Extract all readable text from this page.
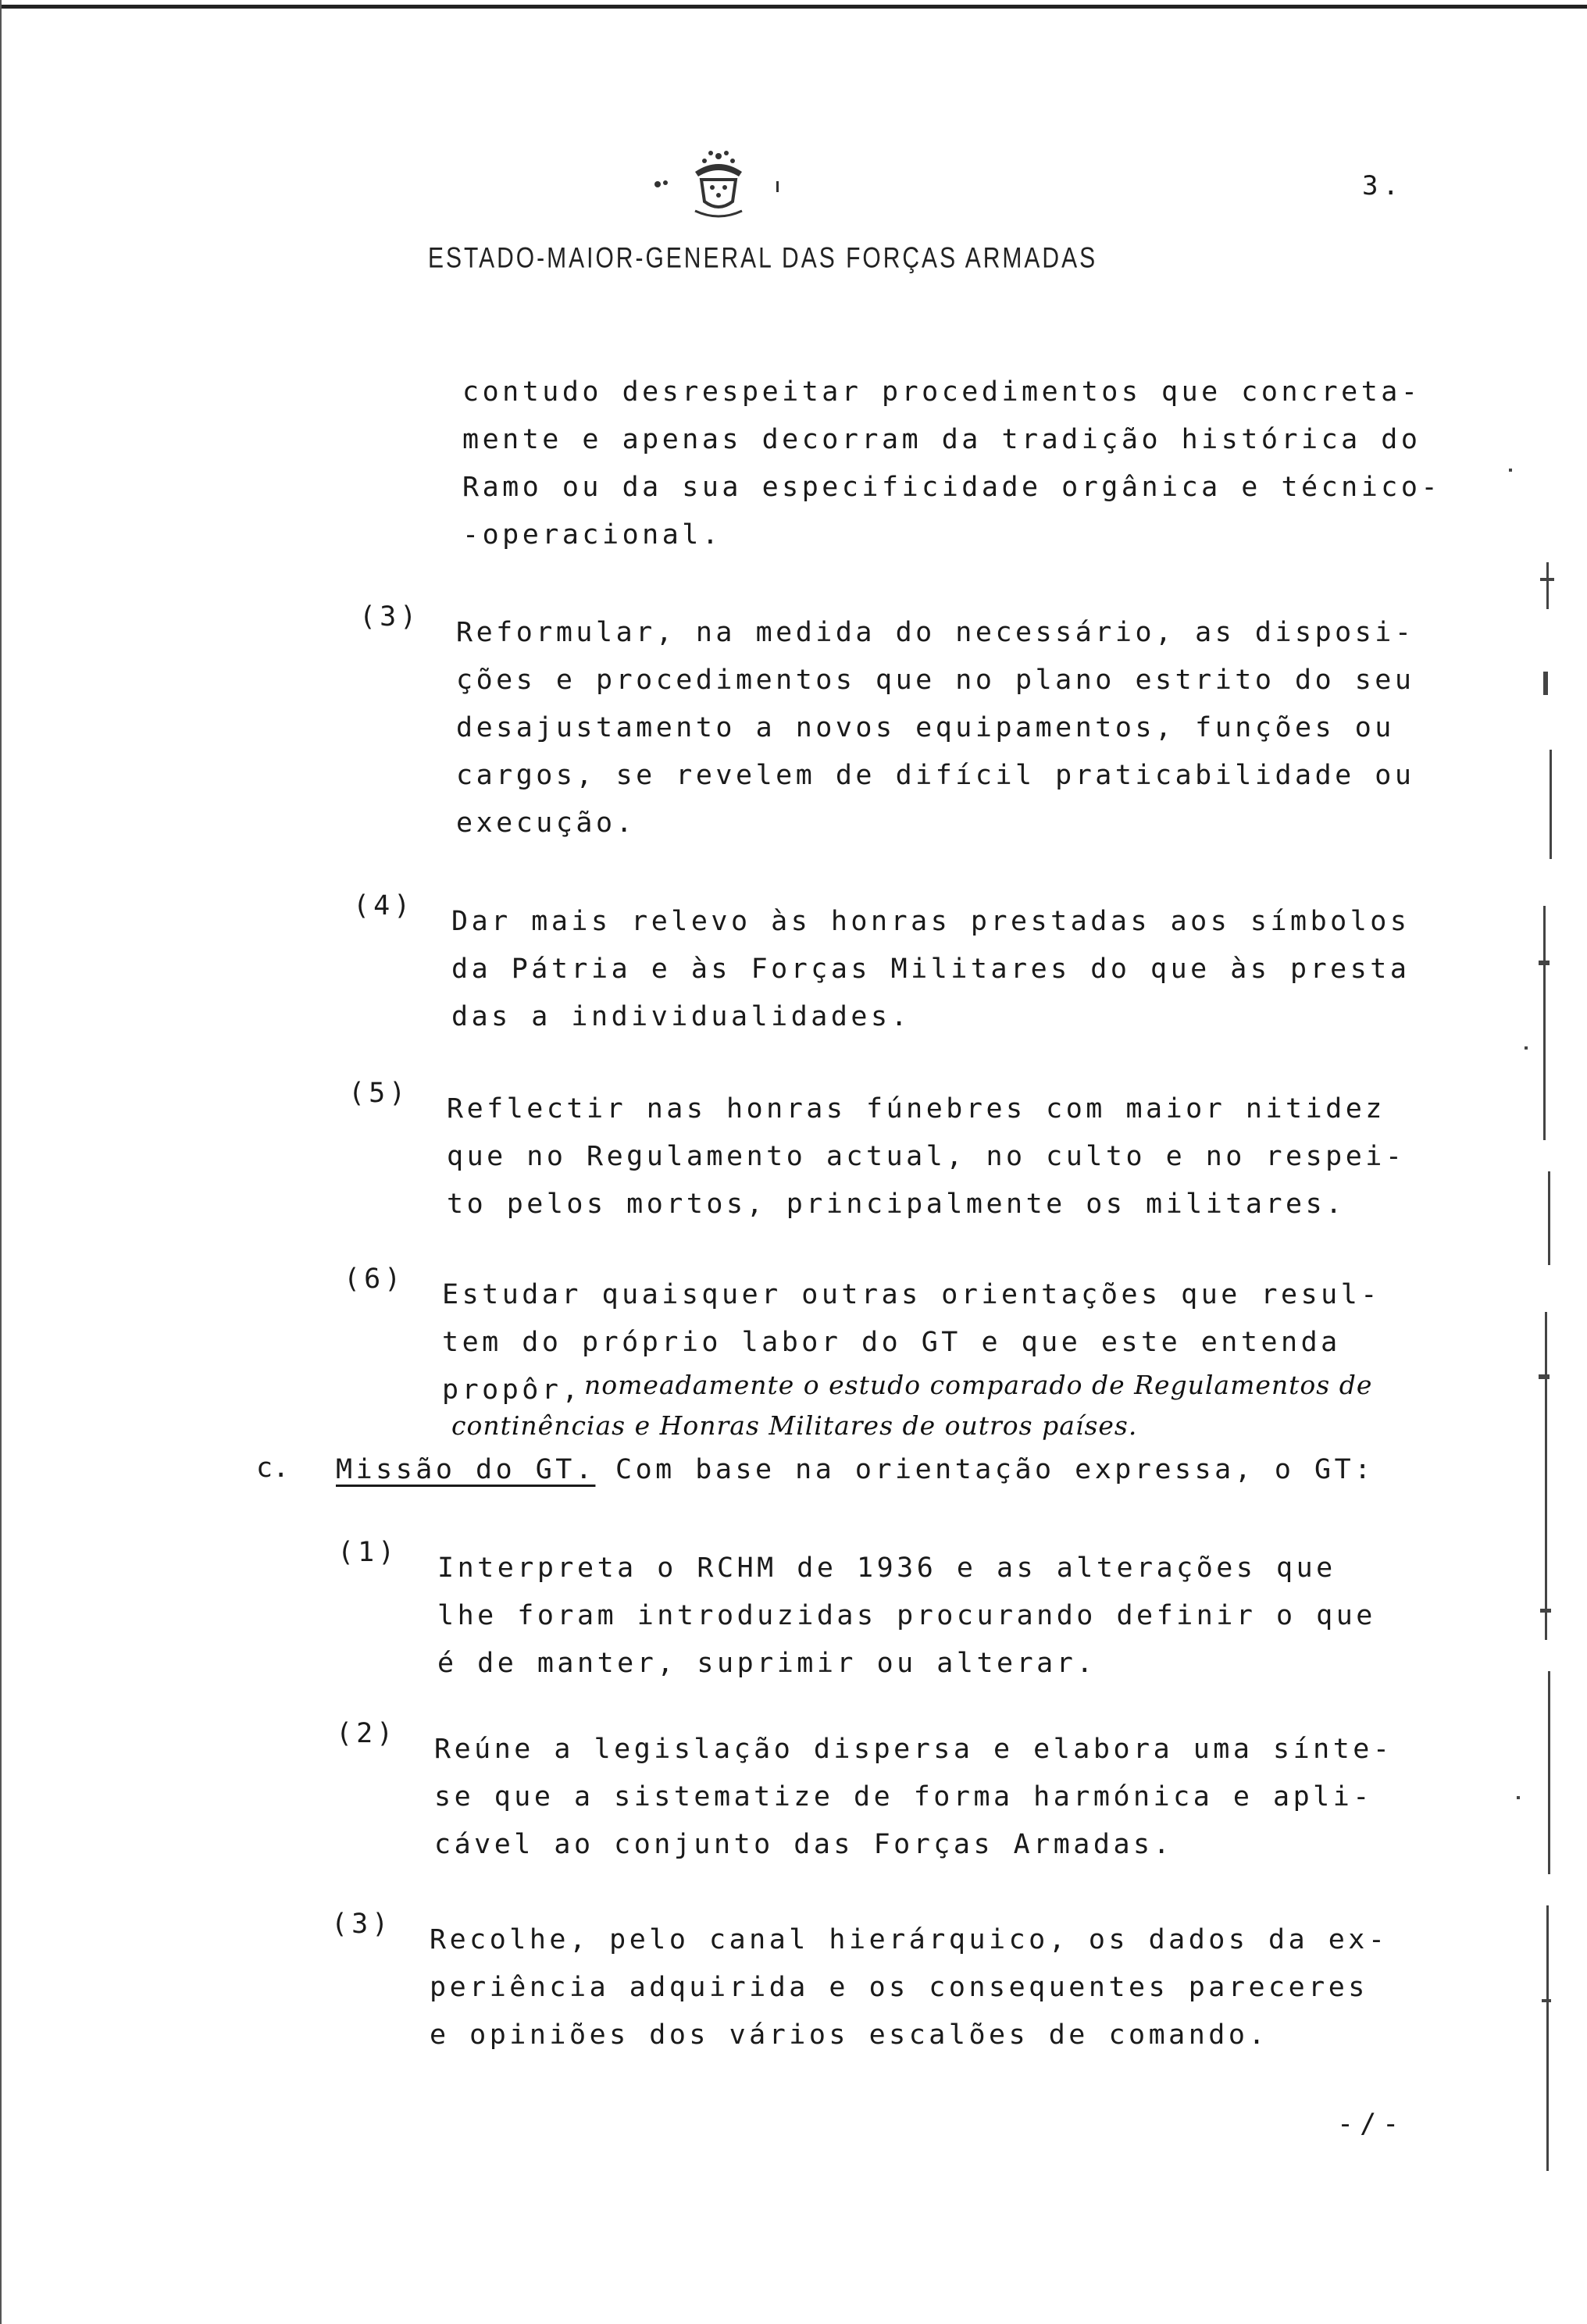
3.
ESTADO-MAIOR-GENERAL DAS FORÇAS ARMADAS
contudo desrespeitar procedimentos que concreta-
mente e apenas decorram da tradição histórica do
Ramo ou da sua especificidade orgânica e técnico-
-operacional.
(3) Reformular, na medida do necessário, as disposi-
ções e procedimentos que no plano estrito do seu
desajustamento a novos equipamentos, funções ou
cargos, se revelem de difícil praticabilidade ou
execução.
(4) Dar mais relevo às honras prestadas aos símbolos
da Pátria e às Forças Militares do que às presta
das a individualidades.
(5) Reflectir nas honras fúnebres com maior nitidez
que no Regulamento actual, no culto e no respei-
to pelos mortos, principalmente os militares.
(6) Estudar quaisquer outras orientações que resul-
tem do próprio labor do GT e que este entenda
propôr, nomeadamente o estudo comparado de Regulamentos de
continências e Honras Militares de outros países.
c. Missão do GT. Com base na orientação expressa, o GT:
(1) Interpreta o RCHM de 1936 e as alterações que
lhe foram introduzidas procurando definir o que
é de manter, suprimir ou alterar.
(2) Reúne a legislação dispersa e elabora uma sínte-
se que a sistematize de forma harmónica e apli-
cável ao conjunto das Forças Armadas.
(3) Recolhe, pelo canal hierárquico, os dados da ex-
periência adquirida e os consequentes pareceres
e opiniões dos vários escalões de comando.
-/-
